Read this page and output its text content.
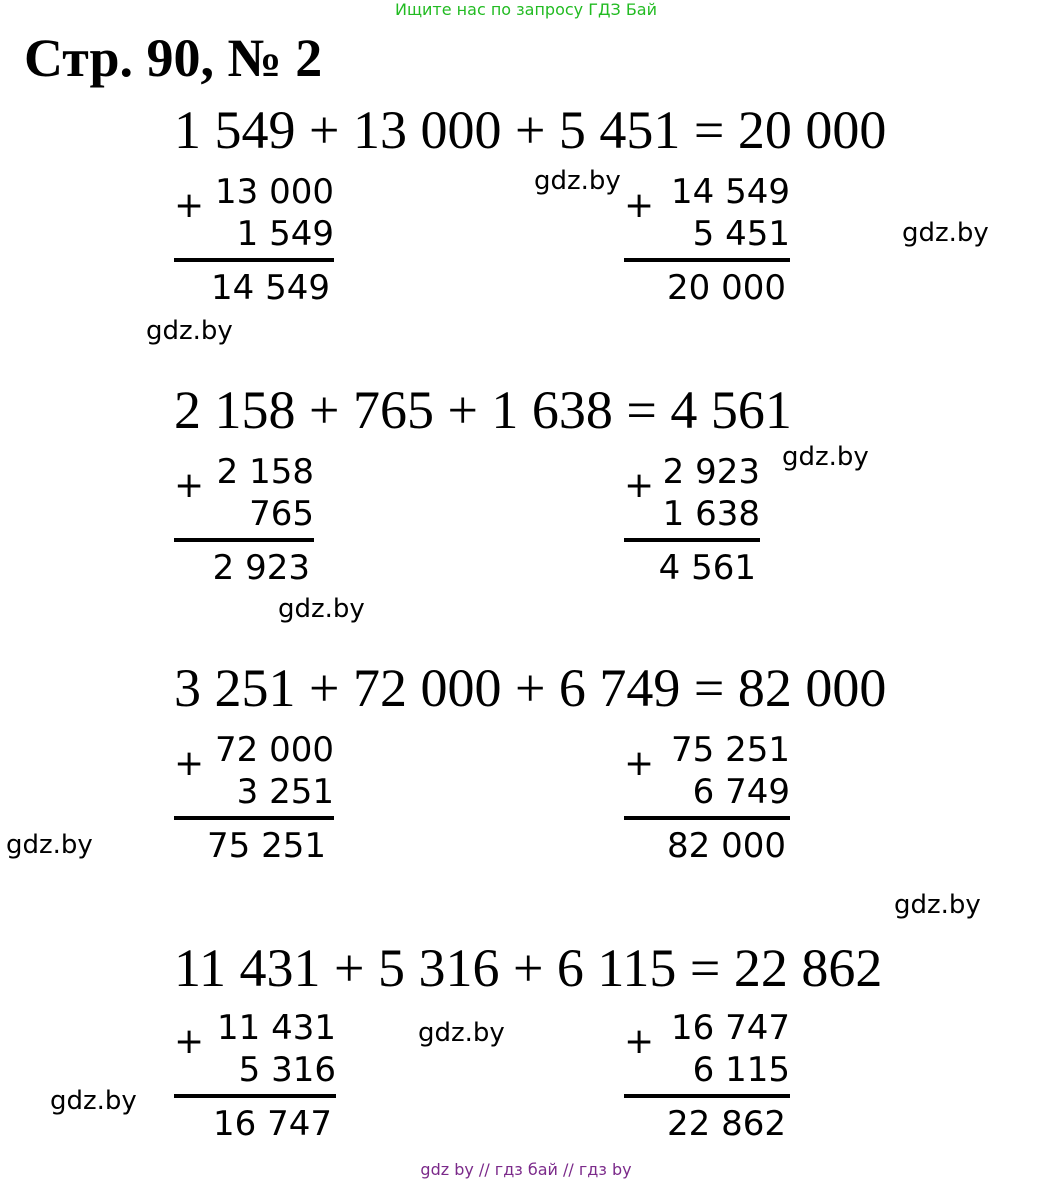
Ищите нас по запросу ГДЗ Бай
Стр. 90, № 2
1 549 + 13 000 + 5 451 = 20 000
+ 13 000
1 549
14 549
+ 14 549
5 451
20 000
2 158 + 765 + 1 638 = 4 561
+ 2 158
765
2 923
+ 2 923
1 638
4 561
3 251 + 72 000 + 6 749 = 82 000
+ 72 000
3 251
75 251
+ 75 251
6 749
82 000
11 431 + 5 316 + 6 115 = 22 862
+ 11 431
5 316
16 747
+ 16 747
6 115
22 862
gdz.by
gdz.by
gdz.by
gdz.by
gdz.by
gdz.by
gdz.by
gdz.by
gdz.by
gdz by // гдз бай // гдз by
